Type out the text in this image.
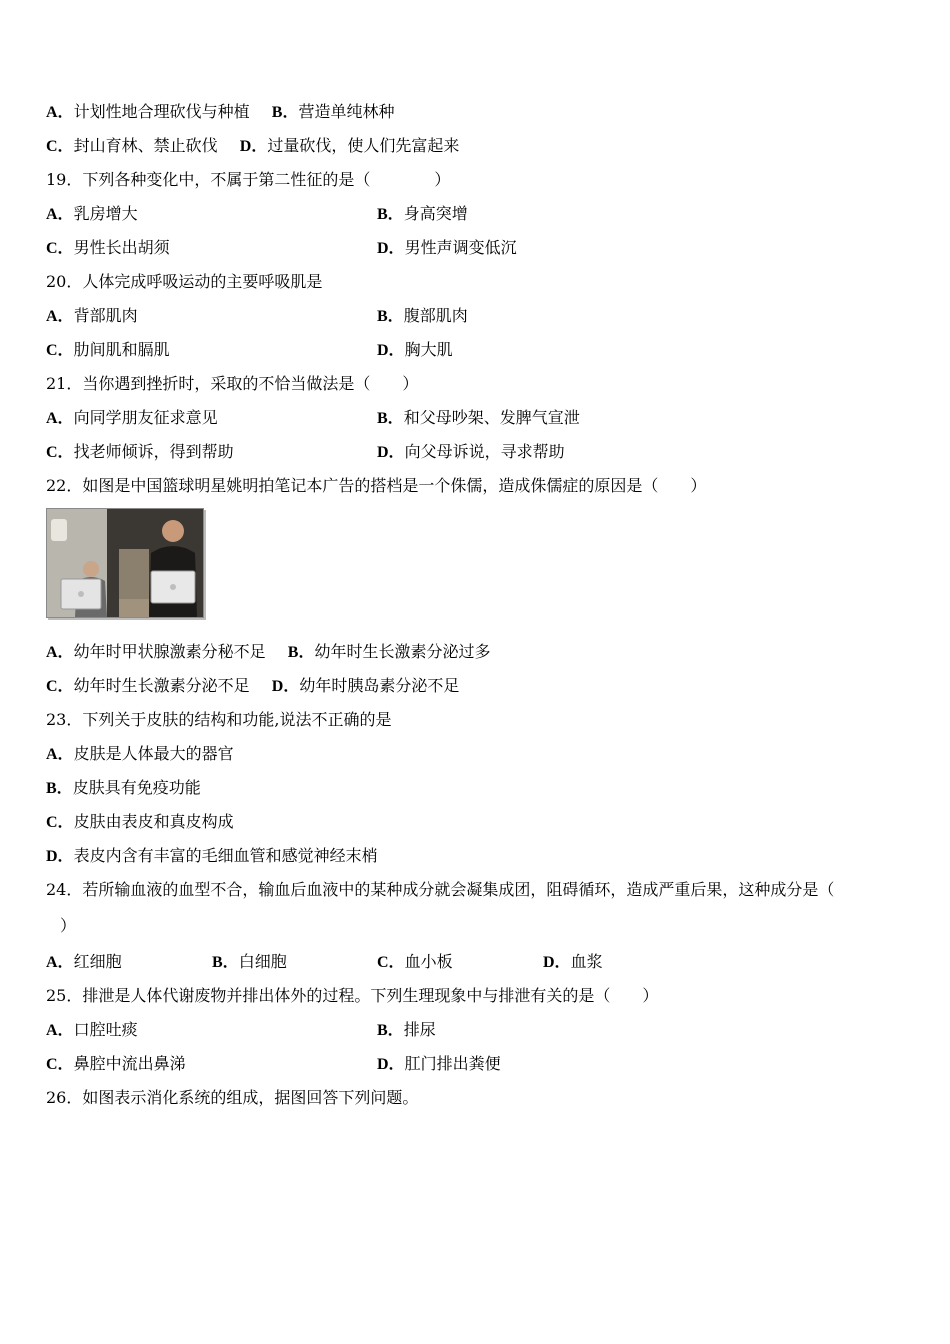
A．计划性地合理砍伐与种植 B．营造单纯林种
C．封山育林、禁止砍伐 D．过量砍伐，使人们先富起来
19．下列各种变化中，不属于第二性征的是（　　　　）
A．乳房增大	B．身高突增
C．男性长出胡须	D．男性声调变低沉
20．人体完成呼吸运动的主要呼吸肌是
A．背部肌肉	B．腹部肌肉
C．肋间肌和膈肌	D．胸大肌
21．当你遇到挫折时，采取的不恰当做法是（　　）
A．向同学朋友征求意见	B．和父母吵架、发脾气宣泄
C．找老师倾诉，得到帮助	D．向父母诉说，寻求帮助
22．如图是中国篮球明星姚明拍笔记本广告的搭档是一个侏儒，造成侏儒症的原因是（　　）
A．幼年时甲状腺激素分秘不足 B．幼年时生长激素分泌过多
C．幼年时生长激素分泌不足 D．幼年时胰岛素分泌不足
23．下列关于皮肤的结构和功能,说法不正确的是
A．皮肤是人体最大的器官
B．皮肤具有免疫功能
C．皮肤由表皮和真皮构成
D．表皮内含有丰富的毛细血管和感觉神经末梢
24．若所输血液的血型不合，输血后血液中的某种成分就会凝集成团，阻碍循环，造成严重后果，这种成分是（
）
A．红细胞	B．白细胞	C．血小板	D．血浆
25．排泄是人体代谢废物并排出体外的过程。下列生理现象中与排泄有关的是（　　）
A．口腔吐痰	B．排尿
C．鼻腔中流出鼻涕	D．肛门排出粪便
26．如图表示消化系统的组成，据图回答下列问题。
